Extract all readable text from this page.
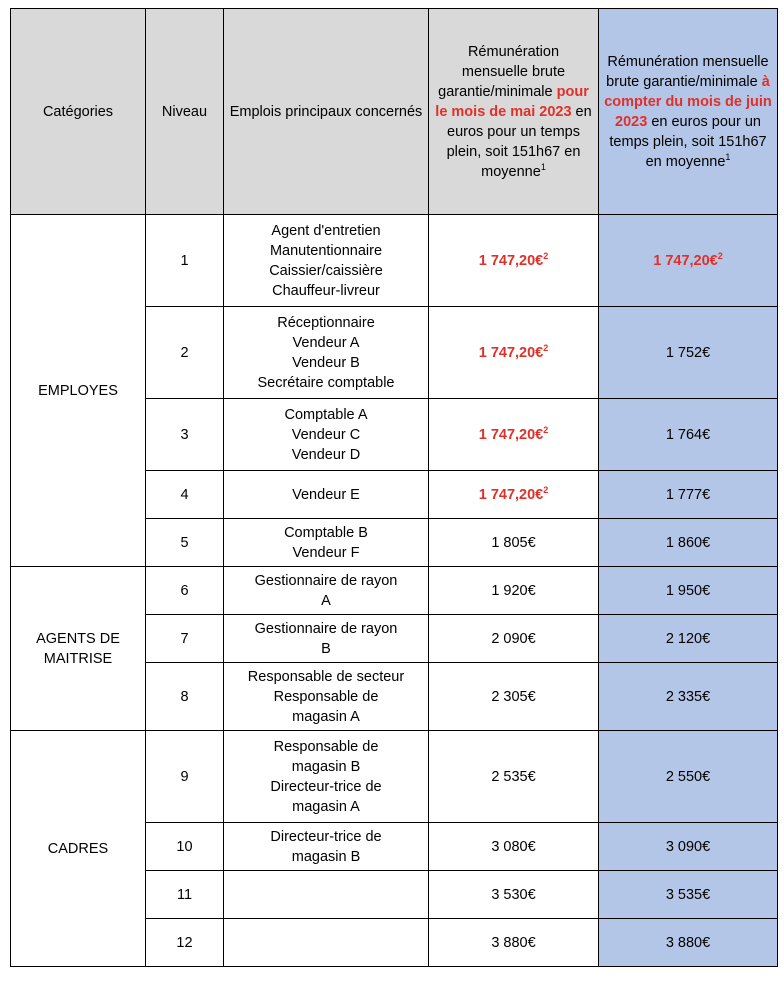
Catégories	Niveau	Emplois principaux concernés	Rémunération mensuelle brute garantie/minimale pour le mois de mai 2023 en euros pour un temps plein, soit 151h67 en moyenne$^1$	Rémunération mensuelle brute garantie/minimale à compter du mois de juin 2023 en euros pour un temps plein, soit 151h67 en moyenne$^1$
EMPLOYES	1	Agent d'entretien
Manutentionnaire
Caissier/caissière
Chauffeur-livreur	1 747,20€$^2$	1 747,20€$^2$
	2	Réceptionnaire
Vendeur A
Vendeur B
Secrétaire comptable	1 747,20€$^2$	1 752€
	3	Comptable A
Vendeur C
Vendeur D	1 747,20€$^2$	1 764€
	4	Vendeur E	1 747,20€$^2$	1 777€
	5	Comptable B
Vendeur F	1 805€	1 860€
AGENTS DE MAITRISE	6	Gestionnaire de rayon
A	1 920€	1 950€
	7	Gestionnaire de rayon
B	2 090€	2 120€
	8	Responsable de secteur
Responsable de
magasin A	2 305€	2 335€
CADRES	9	Responsable de
magasin B
Directeur-trice de
magasin A	2 535€	2 550€
	10	Directeur-trice de
magasin B	3 080€	3 090€
	11		3 530€	3 535€
	12		3 880€	3 880€
